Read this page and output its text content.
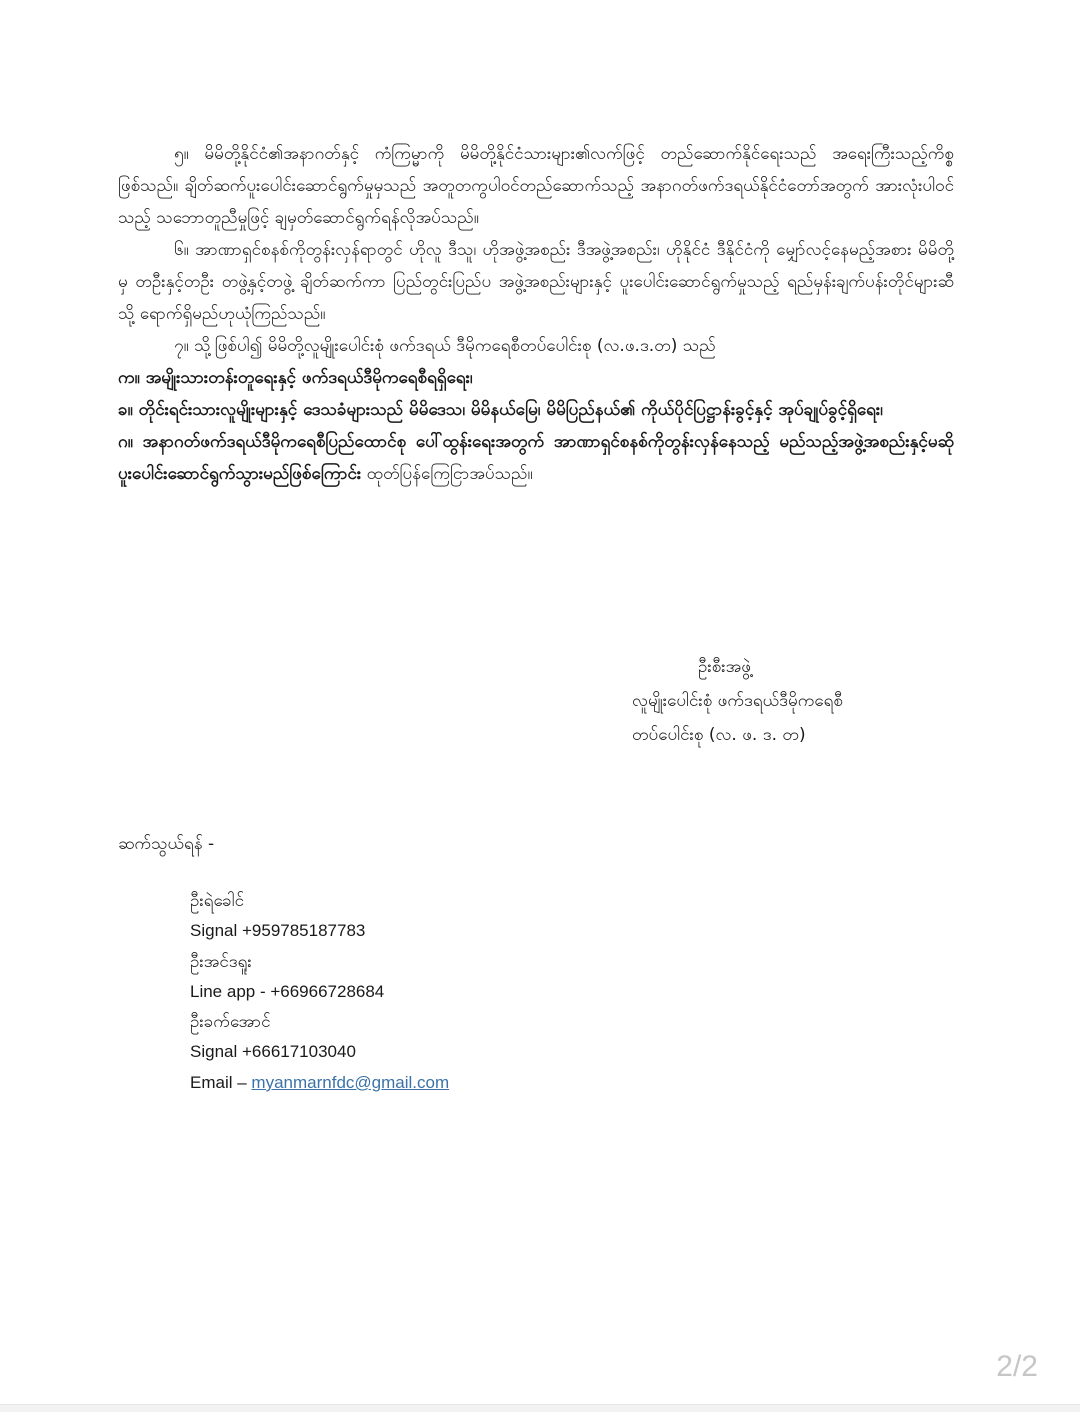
၅။ မိမိတို့နိုင်ငံ၏အနာဂတ်နှင့် ကံကြမ္မာကို မိမိတို့နိုင်ငံသားများ၏လက်ဖြင့် တည်ဆောက်နိုင်ရေးသည် အရေးကြီးသည့်ကိစ္စဖြစ်သည်။ ချိတ်ဆက်ပူးပေါင်းဆောင်ရွက်မှုမှသည် အတူတကွပါဝင်တည်ဆောက်သည့် အနာဂတ်ဖက်ဒရယ်နိုင်ငံတော်အတွက် အားလုံးပါဝင်သည့် သဘောတူညီမှုဖြင့် ချမှတ်ဆောင်ရွက်ရန်လိုအပ်သည်။

၆။ အာဏာရှင်စနစ်ကိုတွန်းလှန်ရာတွင် ဟိုလူ ဒီသူ၊ ဟိုအဖွဲ့အစည်း ဒီအဖွဲ့အစည်း၊ ဟိုနိုင်ငံ ဒီနိုင်ငံကို မျှော်လင့်နေမည့်အစား မိမိတို့မှ တဦးနှင့်တဦး တဖွဲ့နှင့်တဖွဲ့ ချိတ်ဆက်ကာ ပြည်တွင်းပြည်ပ အဖွဲ့အစည်းများနှင့် ပူးပေါင်းဆောင်ရွက်မှုသည့် ရည်မှန်းချက်ပန်းတိုင်များဆီသို့ ရောက်ရှိမည်ဟုယုံကြည်သည်။

၇။ သို့ဖြစ်ပါ၍ မိမိတို့လူမျိုးပေါင်းစုံ ဖက်ဒရယ် ဒီမိုကရေစီတပ်ပေါင်းစု (လ.ဖ.ဒ.တ) သည်

က။ အမျိုးသားတန်းတူရေးနှင့် ဖက်ဒရယ်ဒီမိုကရေစီရရှိရေး၊

ခ။ တိုင်းရင်းသားလူမျိုးများနှင့် ဒေသခံများသည် မိမိဒေသ၊ မိမိနယ်မြေ၊ မိမိပြည်နယ်၏ ကိုယ်ပိုင်ပြဋ္ဌာန်းခွင့်နှင့် အုပ်ချုပ်ခွင့်ရှိရေး၊

ဂ။ အနာဂတ်ဖက်ဒရယ်ဒီမိုကရေစီပြည်ထောင်စု ပေါ်ထွန်းရေးအတွက် အာဏာရှင်စနစ်ကိုတွန်းလှန်နေသည့် မည်သည့်အဖွဲ့အစည်းနှင့်မဆို ပူးပေါင်းဆောင်ရွက်သွားမည်ဖြစ်ကြောင်း ထုတ်ပြန်ကြေငြာအပ်သည်။

ဦးစီးအဖွဲ့
လူမျိုးပေါင်းစုံ ဖက်ဒရယ်ဒီမိုကရေစီ
တပ်ပေါင်းစု (လ. ဖ. ဒ. တ)
ဆက်သွယ်ရန် -
ဦးရဲခေါင်
Signal +959785187783
ဦးအင်ဒရူး
Line app - +66966728684
ဦးခက်အောင်
Signal +66617103040
Email – myanmarnfdc@gmail.com
2/2
